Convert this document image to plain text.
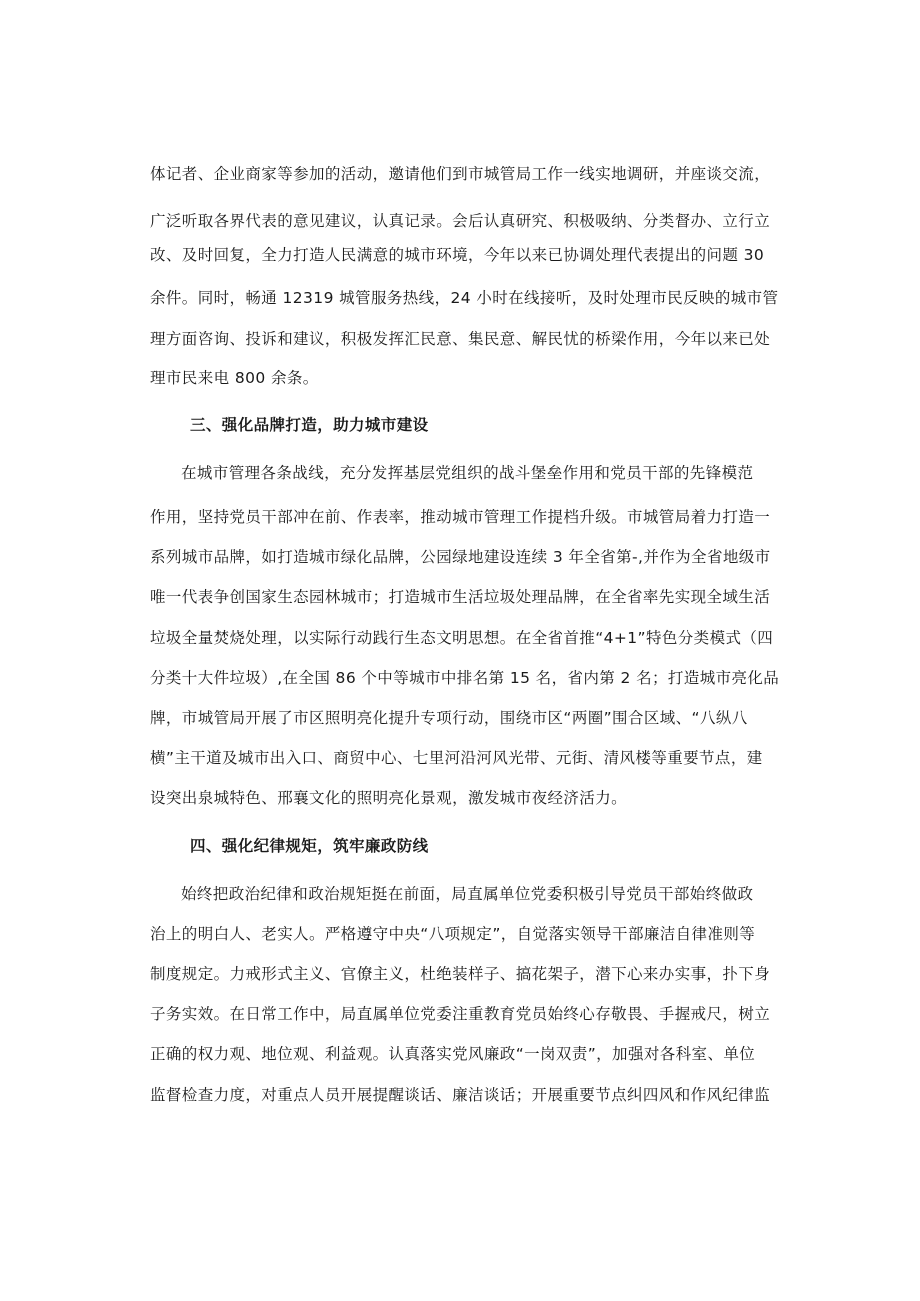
体记者、企业商家等参加的活动，邀请他们到市城管局工作一线实地调研，并座谈交流，
广泛听取各界代表的意见建议，认真记录。会后认真研究、积极吸纳、分类督办、立行立
改、及时回复，全力打造人民满意的城市环境，今年以来已协调处理代表提出的问题 30
余件。同时，畅通 12319 城管服务热线，24 小时在线接听，及时处理市民反映的城市管
理方面咨询、投诉和建议，积极发挥汇民意、集民意、解民忧的桥梁作用，今年以来已处
理市民来电 800 余条。
三、强化品牌打造，助力城市建设
在城市管理各条战线，充分发挥基层党组织的战斗堡垒作用和党员干部的先锋模范
作用，坚持党员干部冲在前、作表率，推动城市管理工作提档升级。市城管局着力打造一
系列城市品牌，如打造城市绿化品牌，公园绿地建设连续 3 年全省第-,并作为全省地级市
唯一代表争创国家生态园林城市；打造城市生活垃圾处理品牌，在全省率先实现全域生活
垃圾全量焚烧处理，以实际行动践行生态文明思想。在全省首推“4+1”特色分类模式（四
分类十大件垃圾）,在全国 86 个中等城市中排名第 15 名，省内第 2 名；打造城市亮化品
牌，市城管局开展了市区照明亮化提升专项行动，围绕市区“两圈”围合区域、“八纵八
横”主干道及城市出入口、商贸中心、七里河沿河风光带、元街、清风楼等重要节点，建
设突出泉城特色、邢襄文化的照明亮化景观，激发城市夜经济活力。
四、强化纪律规矩，筑牢廉政防线
始终把政治纪律和政治规矩挺在前面，局直属单位党委积极引导党员干部始终做政
治上的明白人、老实人。严格遵守中央“八项规定”，自觉落实领导干部廉洁自律准则等
制度规定。力戒形式主义、官僚主义，杜绝装样子、搞花架子，潜下心来办实事，扑下身
子务实效。在日常工作中，局直属单位党委注重教育党员始终心存敬畏、手握戒尺，树立
正确的权力观、地位观、利益观。认真落实党风廉政“一岗双责”，加强对各科室、单位
监督检查力度，对重点人员开展提醒谈话、廉洁谈话；开展重要节点纠四风和作风纪律监
